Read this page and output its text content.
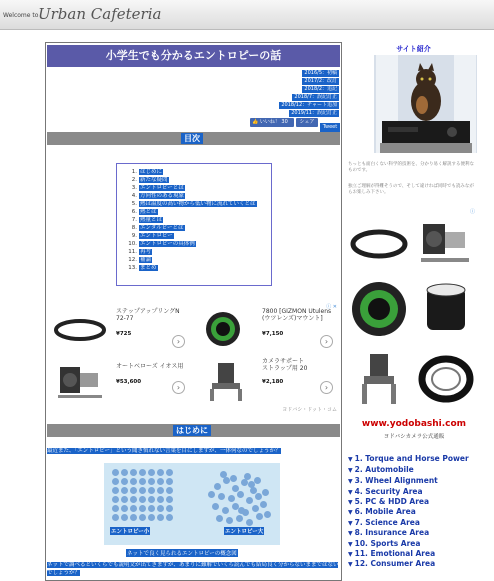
Welcome to Urban Cafeteria
小学生でも分かるエントロピーの話
2016/5：初稿
2017/2：改訂
2018/2：追記
2018/7：誤記訂正
2018/12：チャート追加
2019/11：誤記訂正
👍 いいね！ 30	シェア
Tweet
目次
1. はじめに
2. 新たな疑問
3. エントロピーとは
4. 方向性のある現象
5. 熱は温度の高い物から低い物に流れていくとは
6. 熱とは
7. 熱量とは
8. エンタルピーとは
9. エントロピー
10. エントロピーの具体例
11. 再考
12. 補論
13. まとめ
ⓘ ✕
ステップアップリングN
72-77
¥725
›
7800 [GIZMON Utulens
(ウツレンズ)マウント]
¥7,150
›
オートベローズ イオス用
¥53,600
›
カメラサポート
ストラップ用 20
¥2,180
›
ヨドバシ・ドット・コム
はじめに
最近また、「エントロピー」という聞き慣れない言葉を目にしますが、一体何なのでしょうか？
エントロピー小	エントロピー大
ネットで良く見られるエントロピーの概念図
ネットで調べるといくらでも説明文が出てきますが、あまりに難解でいくら読んでも結局良く分からないままではないでしょうか？
サイト紹介
ちっとも面白くない科学的技術を、分かり易く解説する便利なものです。
独立ご理解が得難そうので、そして違ければ同時でも読みながらお楽しみ下さい。
ⓘ
www.yodobashi.com
ヨドバシカメラ公式通販
▼ 1. Torque and Horse Power
▼ 2. Automobile
▼ 3. Wheel Alignment
▼ 4. Security Area
▼ 5. PC & HDD Area
▼ 6. Mobile Area
▼ 7. Science Area
▼ 8. Insurance Area
▼ 10. Sports Area
▼ 11. Emotional Area
▼ 12. Consumer Area
